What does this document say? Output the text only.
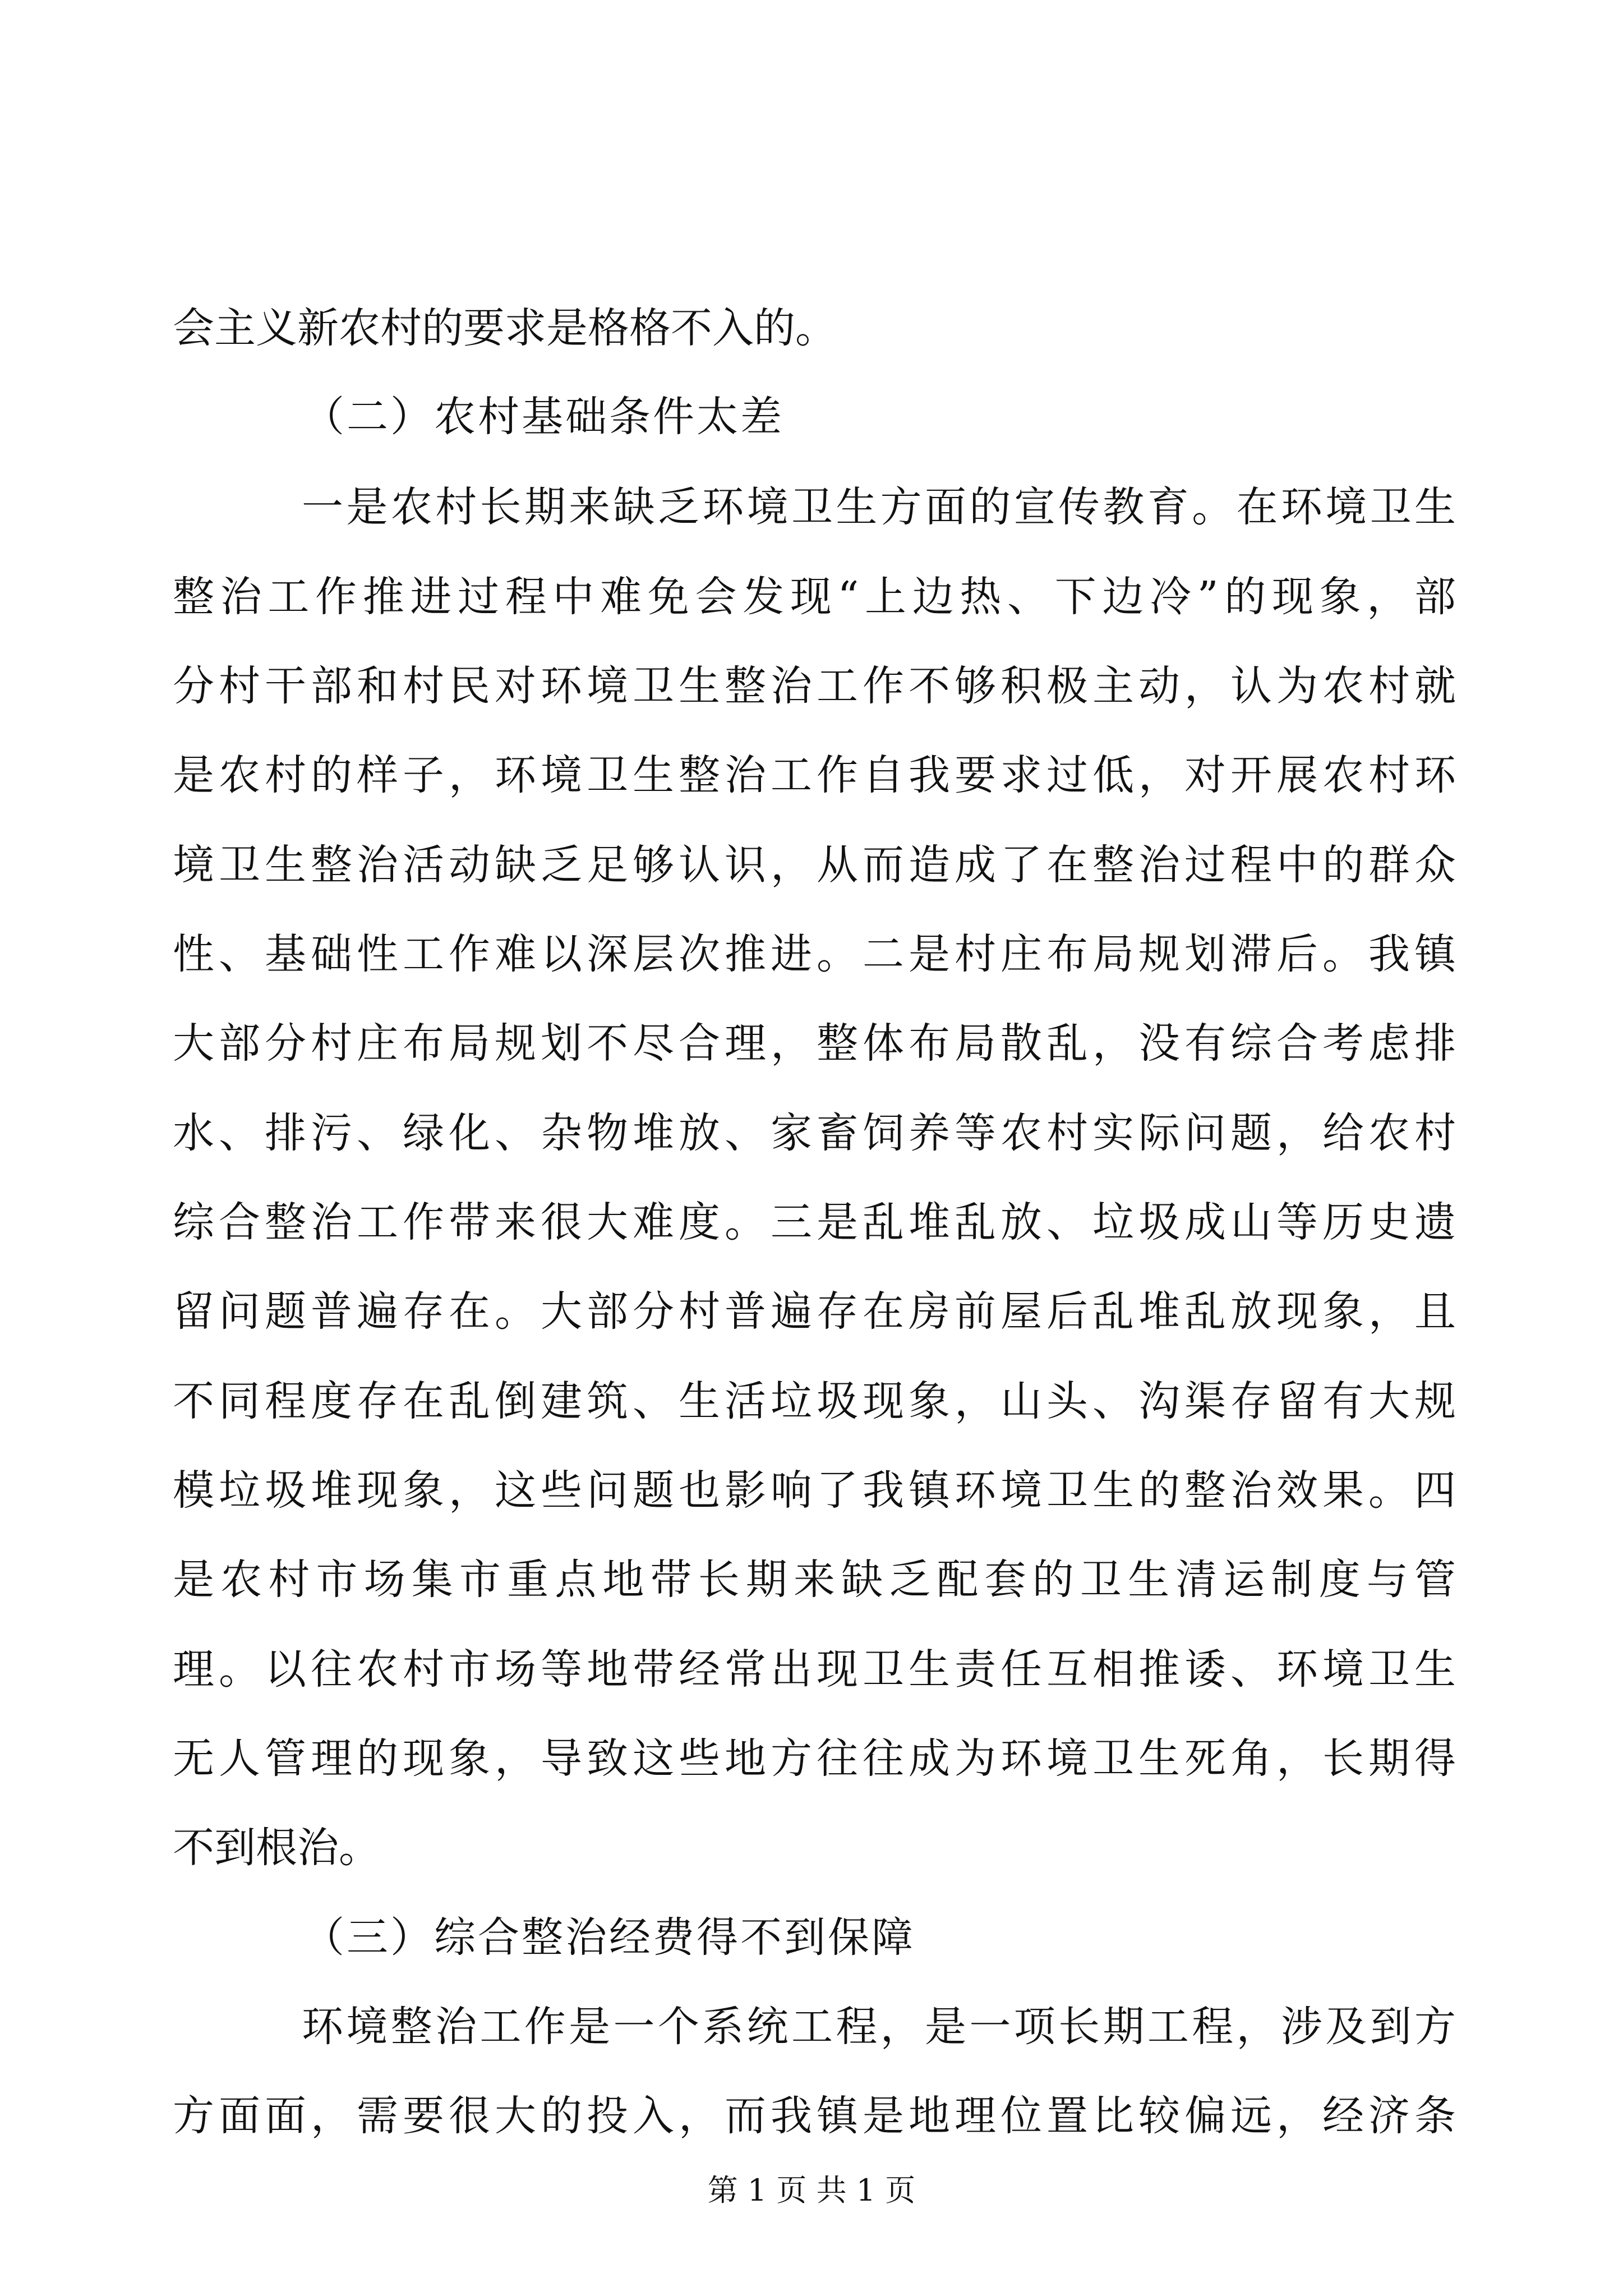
会主义新农村的要求是格格不入的。
（二）农村基础条件太差
一是农村长期来缺乏环境卫生方面的宣传教育。在环境卫生
整治工作推进过程中难免会发现“上边热、下边冷”的现象，部
分村干部和村民对环境卫生整治工作不够积极主动，认为农村就
是农村的样子，环境卫生整治工作自我要求过低，对开展农村环
境卫生整治活动缺乏足够认识，从而造成了在整治过程中的群众
性、基础性工作难以深层次推进。二是村庄布局规划滞后。我镇
大部分村庄布局规划不尽合理，整体布局散乱，没有综合考虑排
水、排污、绿化、杂物堆放、家畜饲养等农村实际问题，给农村
综合整治工作带来很大难度。三是乱堆乱放、垃圾成山等历史遗
留问题普遍存在。大部分村普遍存在房前屋后乱堆乱放现象，且
不同程度存在乱倒建筑、生活垃圾现象，山头、沟渠存留有大规
模垃圾堆现象，这些问题也影响了我镇环境卫生的整治效果。四
是农村市场集市重点地带长期来缺乏配套的卫生清运制度与管
理。以往农村市场等地带经常出现卫生责任互相推诿、环境卫生
无人管理的现象，导致这些地方往往成为环境卫生死角，长期得
不到根治。
（三）综合整治经费得不到保障
环境整治工作是一个系统工程，是一项长期工程，涉及到方
方面面，需要很大的投入，而我镇是地理位置比较偏远，经济条
第 1 页 共 1 页
